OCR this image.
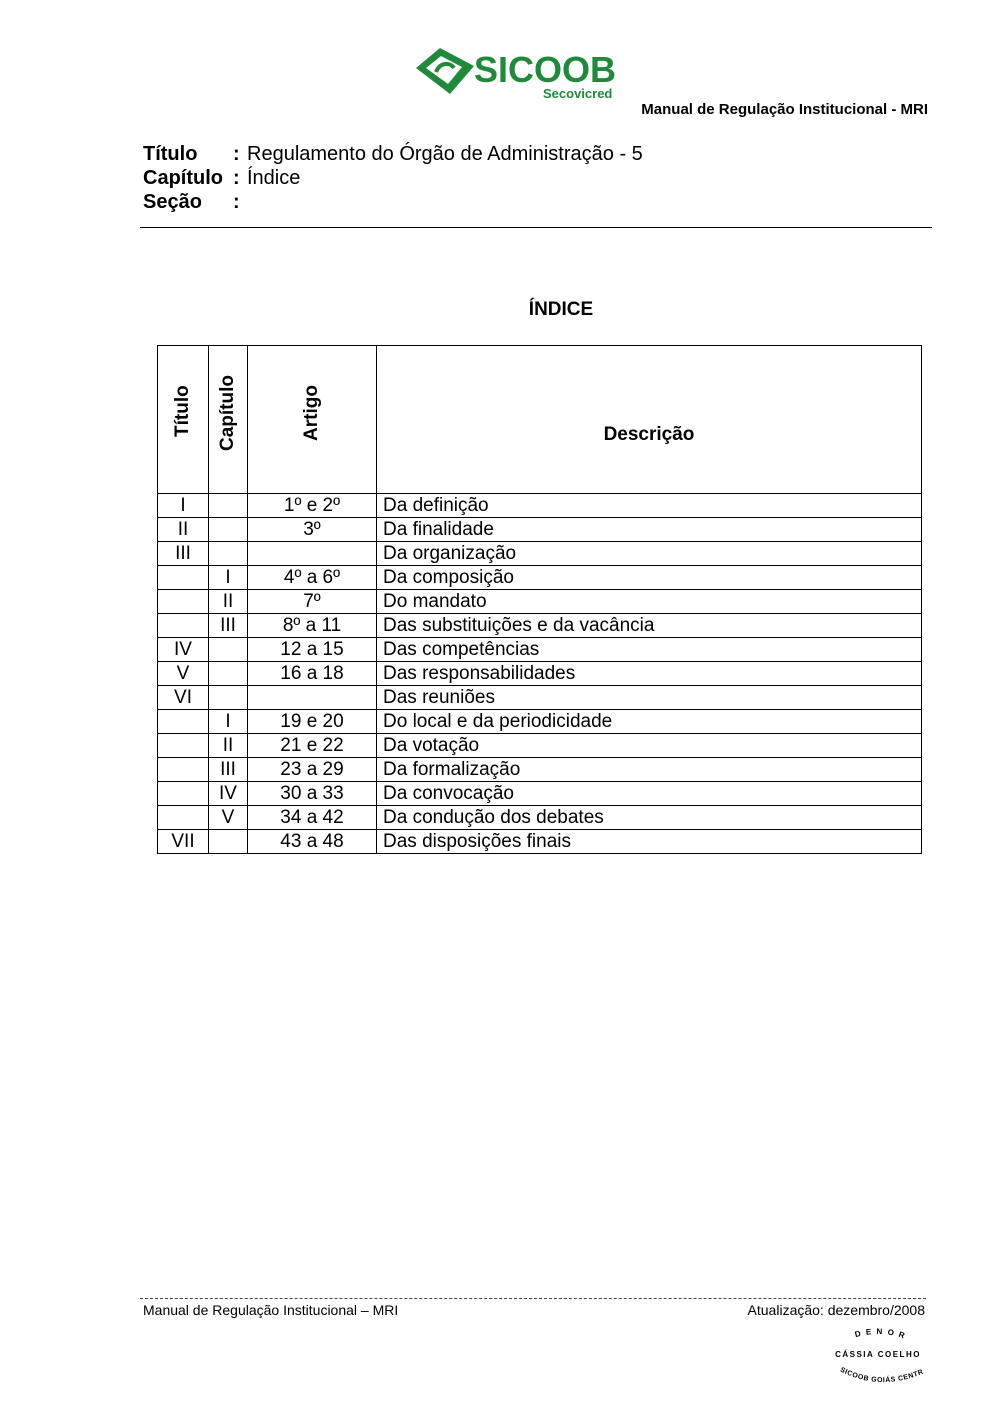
SICOOB
Secovicred
Manual de Regulação Institucional - MRI
Título	: Regulamento do Órgão de Administração - 5
Capítulo : Índice
Seção	:
ÍNDICE
Título	Capítulo	Artigo	Descrição
I		1º e 2º	Da definição
II		3º	Da finalidade
III			Da organização
	I	4º a 6º	Da composição
	II	7º	Do mandato
	III	8º a 11	Das substituições e da vacância
IV		12 a 15	Das competências
V		16 a 18	Das responsabilidades
VI			Das reuniões
	I	19 e 20	Do local e da periodicidade
	II	21 e 22	Da votação
	III	23 a 29	Da formalização
	IV	30 a 33	Da convocação
	V	34 a 42	Da condução dos debates
VII		43 a 48	Das disposições finais
Manual de Regulação Institucional – MRI	Atualização: dezembro/2008
DENOR
SICOOB GOIÁS CENTR
CÁSSIA COELHO
